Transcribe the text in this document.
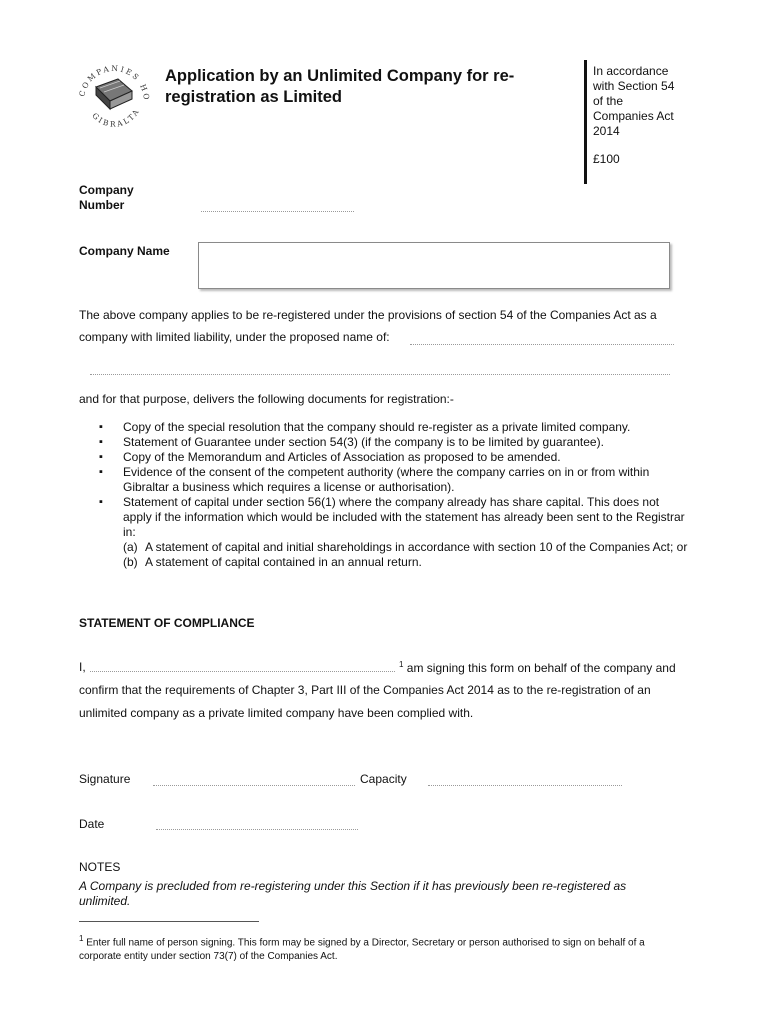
COMPANIES HO
GIBRALTA
Application by an Unlimited Company for re-registration as Limited
In accordance with Section 54 of the Companies Act 2014
£100
Company Number
Company Name
The above company applies to be re-registered under the provisions of section 54 of the Companies Act as a company with limited liability, under the proposed name of:
and for that purpose, delivers the following documents for registration:-
▪ Copy of the special resolution that the company should re-register as a private limited company.
▪ Statement of Guarantee under section 54(3) (if the company is to be limited by guarantee).
▪ Copy of the Memorandum and Articles of Association as proposed to be amended.
▪ Evidence of the consent of the competent authority (where the company carries on in or from within Gibraltar a business which requires a license or authorisation).
▪ Statement of capital under section 56(1) where the company already has share capital. This does not apply if the information which would be included with the statement has already been sent to the Registrar in:
(a) A statement of capital and initial shareholdings in accordance with section 10 of the Companies Act; or
(b) A statement of capital contained in an annual return.
STATEMENT OF COMPLIANCE
I,	$^1$ am signing this form on behalf of the company and
confirm that the requirements of Chapter 3, Part III of the Companies Act 2014 as to the re-registration of an
unlimited company as a private limited company have been complied with.
Signature	Capacity
Date
NOTES
A Company is precluded from re-registering under this Section if it has previously been re-registered as unlimited.
$^1$ Enter full name of person signing. This form may be signed by a Director, Secretary or person authorised to sign on behalf of a corporate entity under section 73(7) of the Companies Act.
